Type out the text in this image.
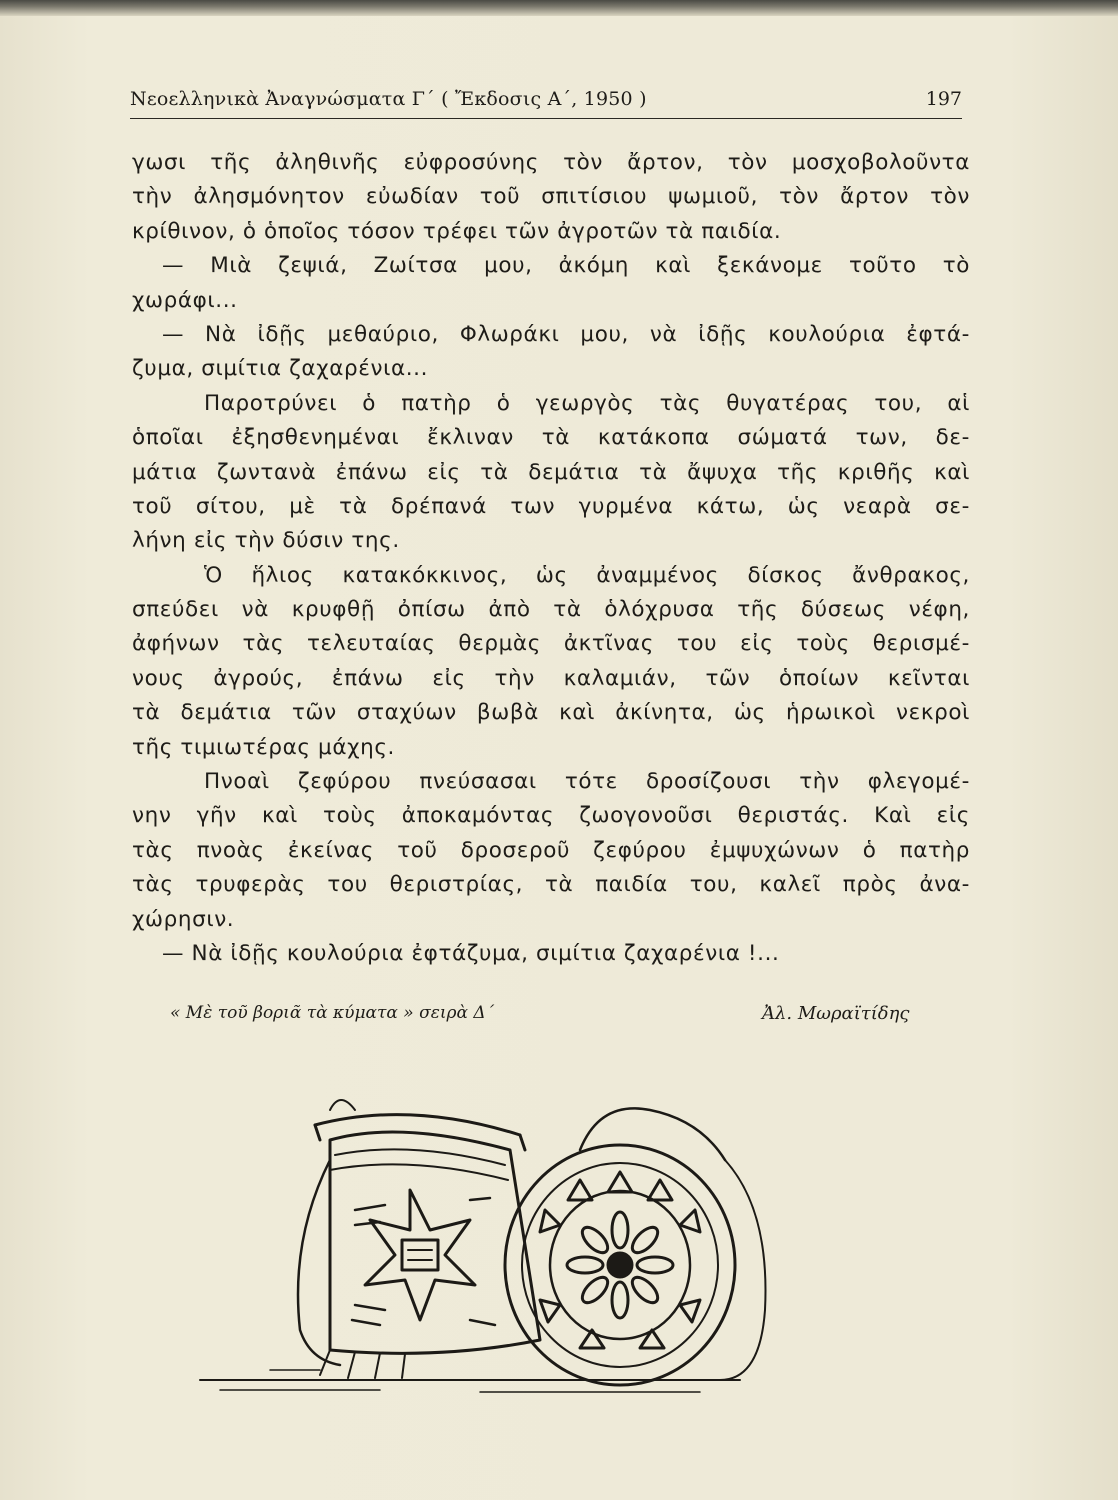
Νεοελληνικὰ Ἀναγνώσματα Γ΄ ( Ἔκδοσις Α΄, 1950 )	197
γωσι τῆς ἀληθινῆς εὐφροσύνης τὸν ἄρτον, τὸν μοσχοβολοῦντα
τὴν ἀλησμόνητον εὐωδίαν τοῦ σπιτίσιου ψωμιοῦ, τὸν ἄρτον τὸν
κρίθινον, ὁ ὁποῖος τόσον τρέφει τῶν ἀγροτῶν τὰ παιδία.
— Μιὰ ζεψιά, Ζωίτσα μου, ἀκόμη καὶ ξεκάνομε τοῦτο τὸ
χωράφι...
— Νὰ ἰδῇς μεθαύριο, Φλωράκι μου, νὰ ἰδῇς κουλούρια ἐφτά-
ζυμα, σιμίτια ζαχαρένια...
Παροτρύνει ὁ πατὴρ ὁ γεωργὸς τὰς θυγατέρας του, αἱ
ὁποῖαι ἐξησθενημέναι ἔκλιναν τὰ κατάκοπα σώματά των, δε-
μάτια ζωντανὰ ἐπάνω εἰς τὰ δεμάτια τὰ ἄψυχα τῆς κριθῆς καὶ
τοῦ σίτου, μὲ τὰ δρέπανά των γυρμένα κάτω, ὡς νεαρὰ σε-
λήνη εἰς τὴν δύσιν της.
Ὁ ἥλιος κατακόκκινος, ὡς ἀναμμένος δίσκος ἄνθρακος,
σπεύδει νὰ κρυφθῇ ὀπίσω ἀπὸ τὰ ὁλόχρυσα τῆς δύσεως νέφη,
ἀφήνων τὰς τελευταίας θερμὰς ἀκτῖνας του εἰς τοὺς θερισμέ-
νους ἀγρούς, ἐπάνω εἰς τὴν καλαμιάν, τῶν ὁποίων κεῖνται
τὰ δεμάτια τῶν σταχύων βωβὰ καὶ ἀκίνητα, ὡς ἡρωικοὶ νεκροὶ
τῆς τιμιωτέρας μάχης.
Πνοαὶ ζεφύρου πνεύσασαι τότε δροσίζουσι τὴν φλεγομέ-
νην γῆν καὶ τοὺς ἀποκαμόντας ζωογονοῦσι θεριστάς. Καὶ εἰς
τὰς πνοὰς ἐκείνας τοῦ δροσεροῦ ζεφύρου ἐμψυχώνων ὁ πατὴρ
τὰς τρυφερὰς του θεριστρίας, τὰ παιδία του, καλεῖ πρὸς ἀνα-
χώρησιν.
— Νὰ ἰδῇς κουλούρια ἐφτάζυμα, σιμίτια ζαχαρένια !...
« Μὲ τοῦ βοριᾶ τὰ κύματα » σειρὰ Δ΄	Ἀλ. Μωραϊτίδης
